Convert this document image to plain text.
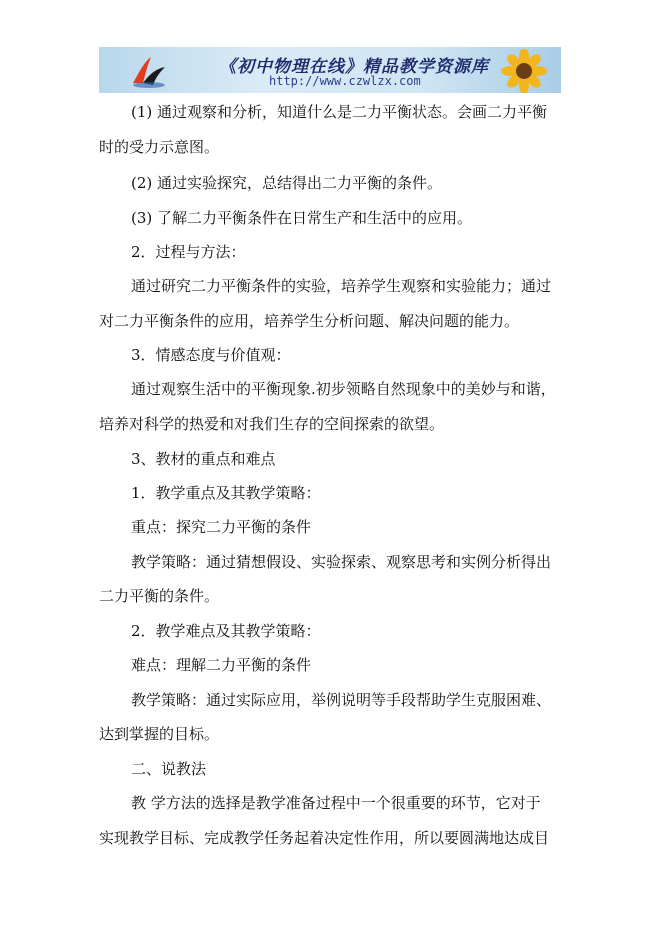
《初中物理在线》精品教学资源库
http://www.czwlzx.com
(1) 通过观察和分析，知道什么是二力平衡状态。会画二力平衡
时的受力示意图。
(2) 通过实验探究，总结得出二力平衡的条件。
(3) 了解二力平衡条件在日常生产和生活中的应用。
2．过程与方法：
通过研究二力平衡条件的实验，培养学生观察和实验能力；通过
对二力平衡条件的应用，培养学生分析问题、解决问题的能力。
3．情感态度与价值观：
通过观察生活中的平衡现象.初步领略自然现象中的美妙与和谐，
培养对科学的热爱和对我们生存的空间探索的欲望。
3、教材的重点和难点
1．教学重点及其教学策略：
重点：探究二力平衡的条件
教学策略：通过猜想假设、实验探索、观察思考和实例分析得出
二力平衡的条件。
2．教学难点及其教学策略：
难点：理解二力平衡的条件
教学策略：通过实际应用，举例说明等手段帮助学生克服困难、
达到掌握的目标。
二、说教法
教 学方法的选择是教学准备过程中一个很重要的环节，它对于
实现教学目标、完成教学任务起着决定性作用，所以要圆满地达成目
